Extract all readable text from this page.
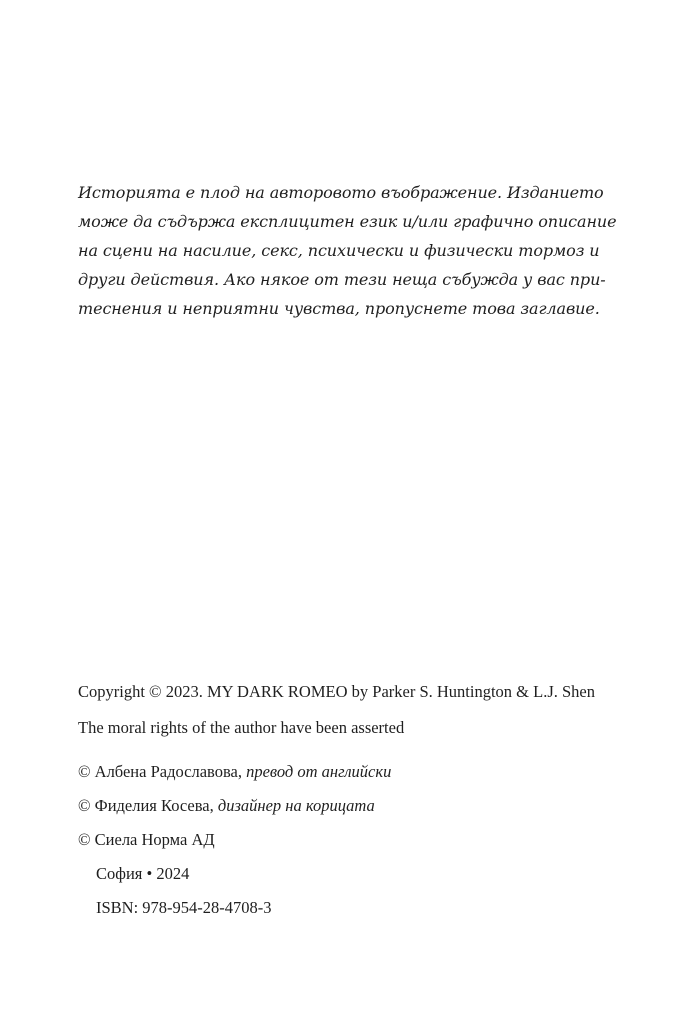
Историята е плод на авторовото въображение. Изданието
може да съдържа експлицитен език и/или графично описание
на сцени на насилие, секс, психически и физически тормоз и
други действия. Ако някое от тези неща събужда у вас при-
теснения и неприятни чувства, пропуснете това заглавие.
Copyright © 2023. MY DARK ROMEO by Parker S. Huntington & L.J. Shen
The moral rights of the author have been asserted
© Албена Радославова, превод от английски
© Фиделия Косева, дизайнер на корицата
© Сиела Норма АД
София • 2024
ISBN: 978-954-28-4708-3
